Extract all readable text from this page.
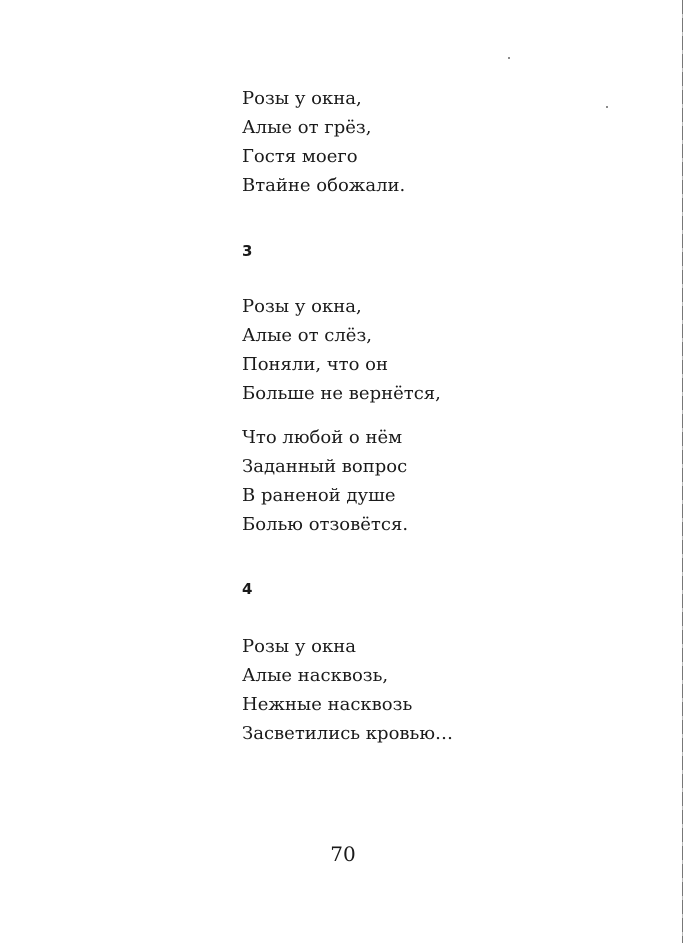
Розы у окна,
Алые от грёз,
Гостя моего
Втайне обожали.
3
Розы у окна,
Алые от слёз,
Поняли, что он
Больше не вернётся,
Что любой о нём
Заданный вопрос
В раненой душе
Болью отзовётся.
4
Розы у окна
Алые насквозь,
Нежные насквозь
Засветились кровью…
70
